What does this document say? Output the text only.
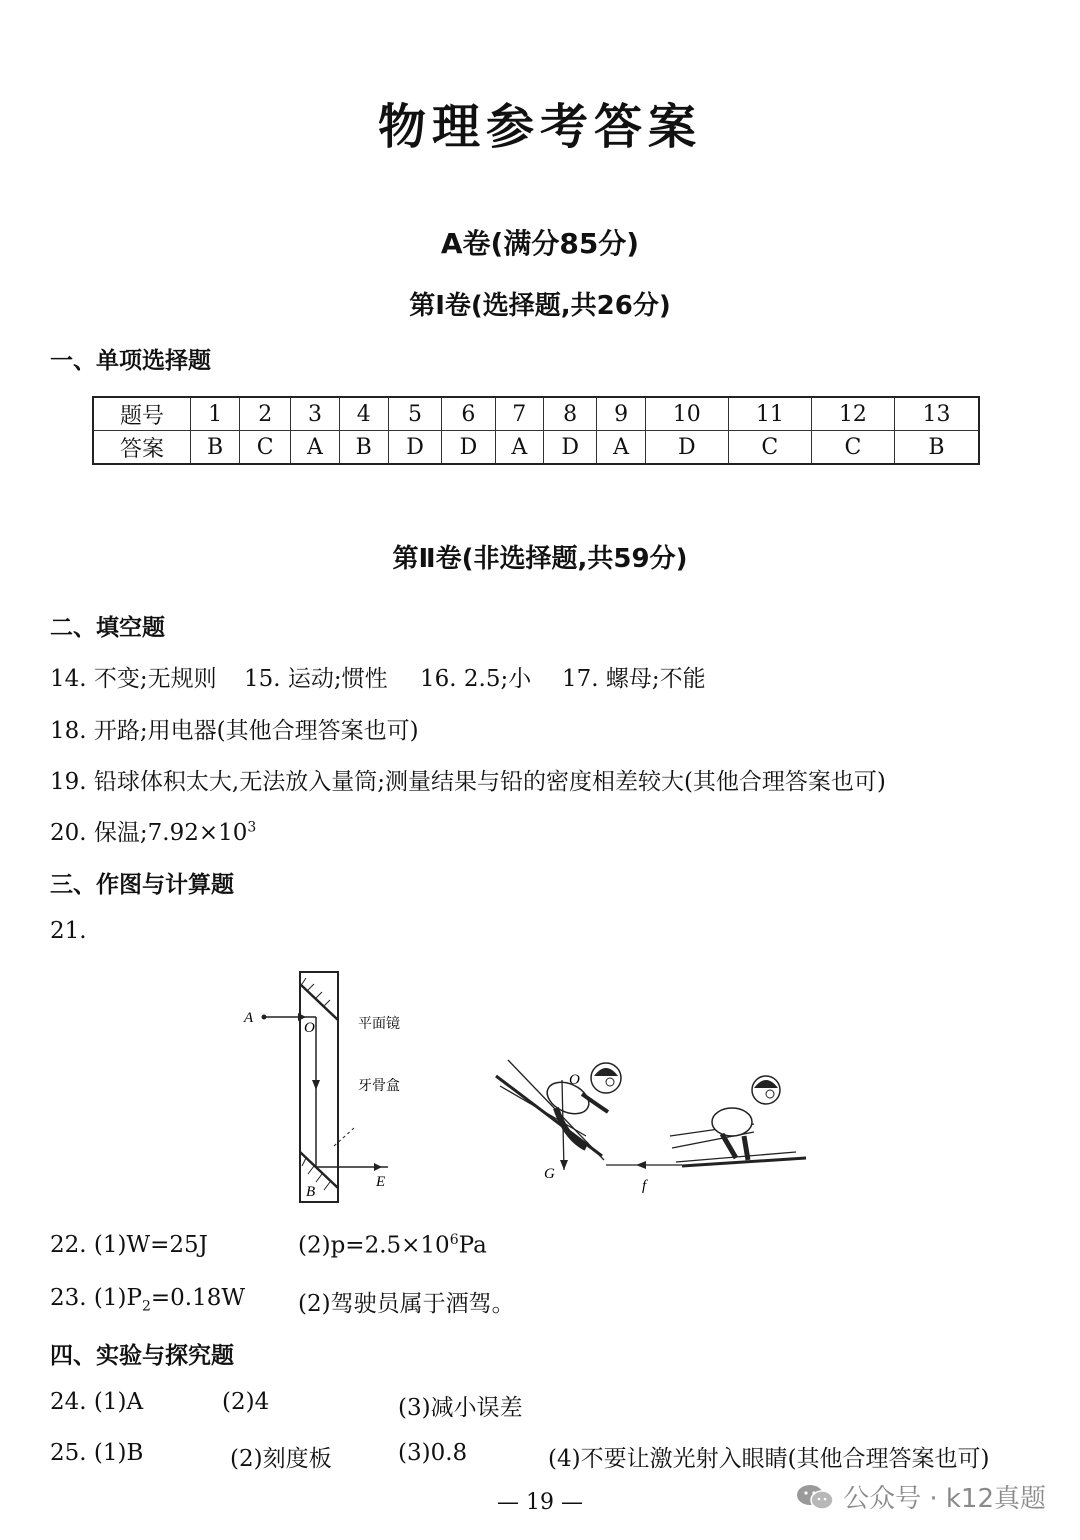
物理参考答案
A卷(满分85分)
第Ⅰ卷(选择题,共26分)
一、单项选择题
题号	1	2	3	4	5	6	7	8	9	10	11	12	13
答案	B	C	A	B	D	D	A	D	A	D	C	C	B
第Ⅱ卷(非选择题,共59分)
二、填空题
14. 不变;无规则 15. 运动;惯性 16. 2.5;小 17. 螺母;不能
18. 开路;用电器(其他合理答案也可)
19. 铅球体积太大,无法放入量筒;测量结果与铅的密度相差较大(其他合理答案也可)
20. 保温$;7.92\times 10^3$
三、作图与计算题
21.
A
O
B
E
平面镜
牙骨盒	O
G
f
22. (1)W=25J	$(2)p=2.5\times 10^6Pa$
23. $(1)P_2=0.18W$ (2)驾驶员属于酒驾。
四、实验与探究题
24. (1)A	(2)4	(3)减小误差
25. (1)B	(2)刻度板	(3)0.8	(4)不要让激光射入眼睛(其他合理答案也可)
— 19 —	公众号 · k12真题
